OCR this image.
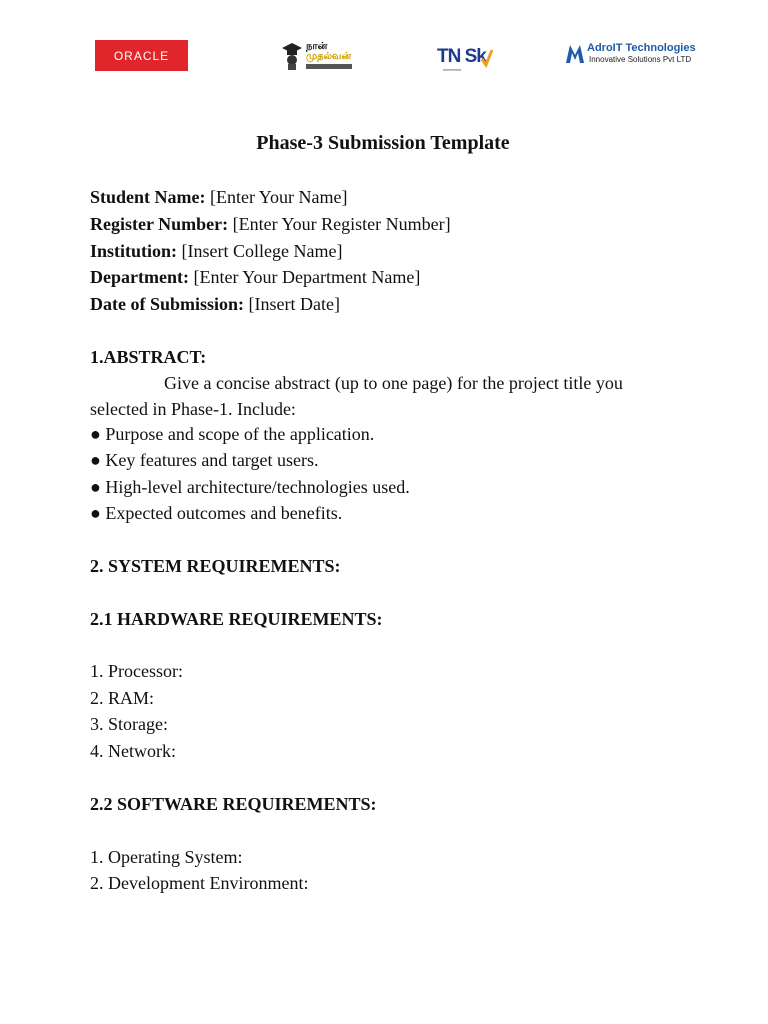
ORACLE
நான்
முதல்வன்	TN Sk
━━━━━
AdroIT Technologies
Innovative Solutions Pvt LTD
Phase-3 Submission Template
Student Name: [Enter Your Name]
Register Number: [Enter Your Register Number]
Institution: [Insert College Name]
Department: [Enter Your Department Name]
Date of Submission: [Insert Date]
1.ABSTRACT:
Give a concise abstract (up to one page) for the project title you
selected in Phase-1. Include:
● Purpose and scope of the application.
● Key features and target users.
● High-level architecture/technologies used.
● Expected outcomes and benefits.
2. SYSTEM REQUIREMENTS:
2.1 HARDWARE REQUIREMENTS:
1. Processor:
2. RAM:
3. Storage:
4. Network:
2.2 SOFTWARE REQUIREMENTS:
1. Operating System:
2. Development Environment:
